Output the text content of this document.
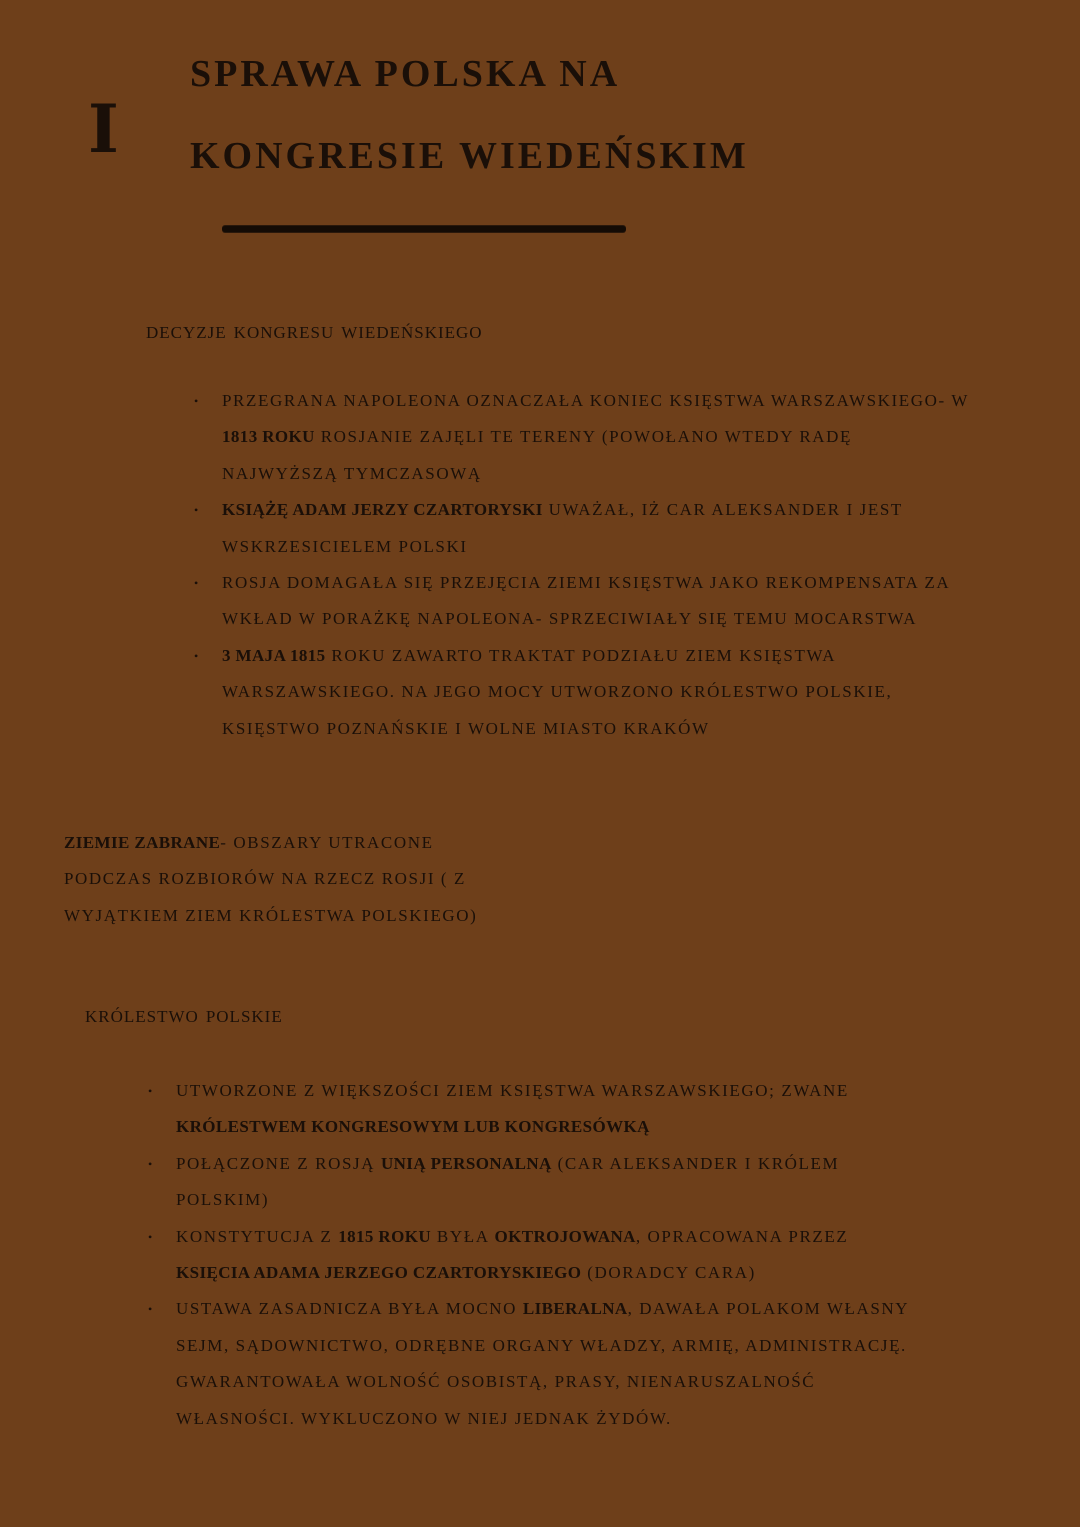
I
SPRAWA POLSKA NA
KONGRESIE WIEDEŃSKIM
decyzje kongresu wiedeńskiego
• PRZEGRANA NAPOLEONA OZNACZAŁA KONIEC KSIĘSTWA WARSZAWSKIEGO- W
1813 ROKU ROSJANIE ZAJĘLI TE TERENY (POWOŁANO WTEDY RADĘ
NAJWYŻSZĄ TYMCZASOWĄ
• KSIĄŻĘ ADAM JERZY CZARTORYSKI UWAŻAŁ, IŻ CAR ALEKSANDER I JEST
WSKRZESICIELEM POLSKI
• ROSJA DOMAGAŁA SIĘ PRZEJĘCIA ZIEMI KSIĘSTWA JAKO REKOMPENSATA ZA
WKŁAD W PORAŻKĘ NAPOLEONA- SPRZECIWIAŁY SIĘ TEMU MOCARSTWA
• 3 MAJA 1815 ROKU ZAWARTO TRAKTAT PODZIAŁU ZIEM KSIĘSTWA
WARSZAWSKIEGO. NA JEGO MOCY UTWORZONO KRÓLESTWO POLSKIE,
KSIĘSTWO POZNAŃSKIE I WOLNE MIASTO KRAKÓW
ZIEMIE ZABRANE- OBSZARY UTRACONE
PODCZAS ROZBIORÓW NA RZECZ ROSJI ( Z
WYJĄTKIEM ZIEM KRÓLESTWA POLSKIEGO)
królestwo polskie
• UTWORZONE Z WIĘKSZOŚCI ZIEM KSIĘSTWA WARSZAWSKIEGO; ZWANE
KRÓLESTWEM KONGRESOWYM LUB KONGRESÓWKĄ
• POŁĄCZONE Z ROSJĄ UNIĄ PERSONALNĄ (CAR ALEKSANDER I KRÓLEM
POLSKIM)
• KONSTYTUCJA Z 1815 ROKU BYŁA OKTROJOWANA, OPRACOWANA PRZEZ
KSIĘCIA ADAMA JERZEGO CZARTORYSKIEGO (DORADCY CARA)
• USTAWA ZASADNICZA BYŁA MOCNO LIBERALNA, DAWAŁA POLAKOM WŁASNY
SEJM, SĄDOWNICTWO, ODRĘBNE ORGANY WŁADZY, ARMIĘ, ADMINISTRACJĘ.
GWARANTOWAŁA WOLNOŚĆ OSOBISTĄ, PRASY, NIENARUSZALNOŚĆ
WŁASNOŚCI. WYKLUCZONO W NIEJ JEDNAK ŻYDÓW.
